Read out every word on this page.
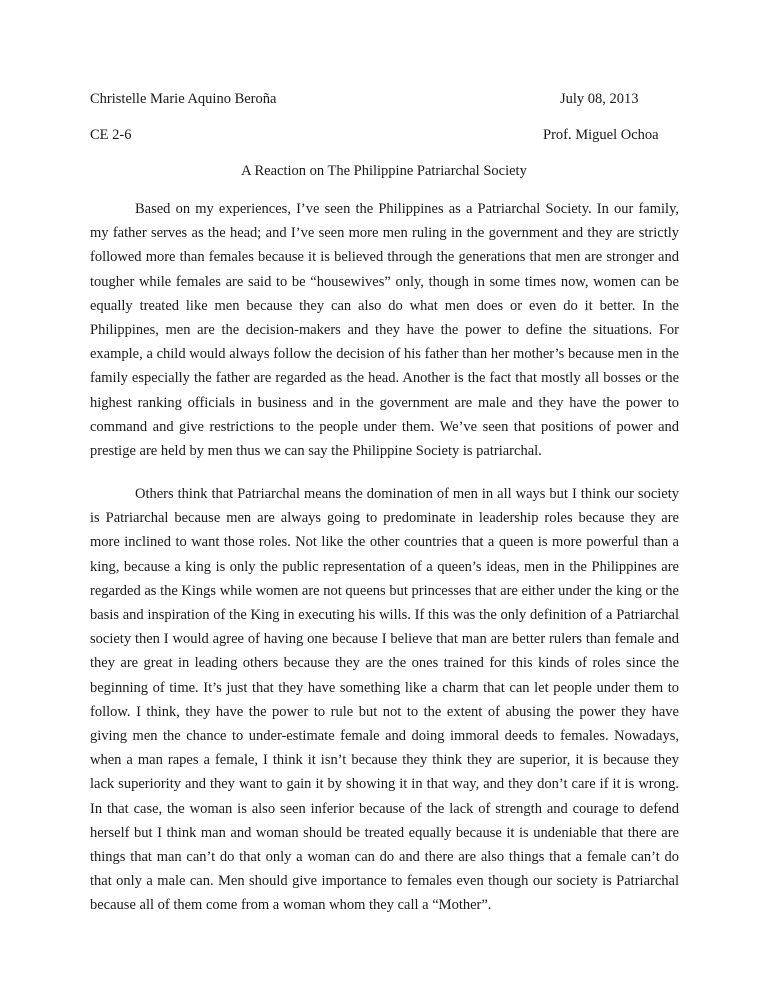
Christelle Marie Aquino Beroña	July 08, 2013
CE 2-6	Prof. Miguel Ochoa
A Reaction on The Philippine Patriarchal Society

Based on my experiences, I’ve seen the Philippines as a Patriarchal Society. In our family, my father serves as the head; and I’ve seen more men ruling in the government and they are strictly followed more than females because it is believed through the generations that men are stronger and tougher while females are said to be “housewives” only, though in some times now, women can be equally treated like men because they can also do what men does or even do it better. In the Philippines, men are the decision-makers and they have the power to define the situations. For example, a child would always follow the decision of his father than her mother’s because men in the family especially the father are regarded as the head. Another is the fact that mostly all bosses or the highest ranking officials in business and in the government are male and they have the power to command and give restrictions to the people under them. We’ve seen that positions of power and prestige are held by men thus we can say the Philippine Society is patriarchal.

Others think that Patriarchal means the domination of men in all ways but I think our society is Patriarchal because men are always going to predominate in leadership roles because they are more inclined to want those roles. Not like the other countries that a queen is more powerful than a king, because a king is only the public representation of a queen’s ideas, men in the Philippines are regarded as the Kings while women are not queens but princesses that are either under the king or the basis and inspiration of the King in executing his wills. If this was the only definition of a Patriarchal society then I would agree of having one because I believe that man are better rulers than female and they are great in leading others because they are the ones trained for this kinds of roles since the beginning of time. It’s just that they have something like a charm that can let people under them to follow. I think, they have the power to rule but not to the extent of abusing the power they have giving men the chance to under-estimate female and doing immoral deeds to females. Nowadays, when a man rapes a female, I think it isn’t because they think they are superior, it is because they lack superiority and they want to gain it by showing it in that way, and they don’t care if it is wrong. In that case, the woman is also seen inferior because of the lack of strength and courage to defend herself but I think man and woman should be treated equally because it is undeniable that there are things that man can’t do that only a woman can do and there are also things that a female can’t do that only a male can. Men should give importance to females even though our society is Patriarchal because all of them come from a woman whom they call a “Mother”.
